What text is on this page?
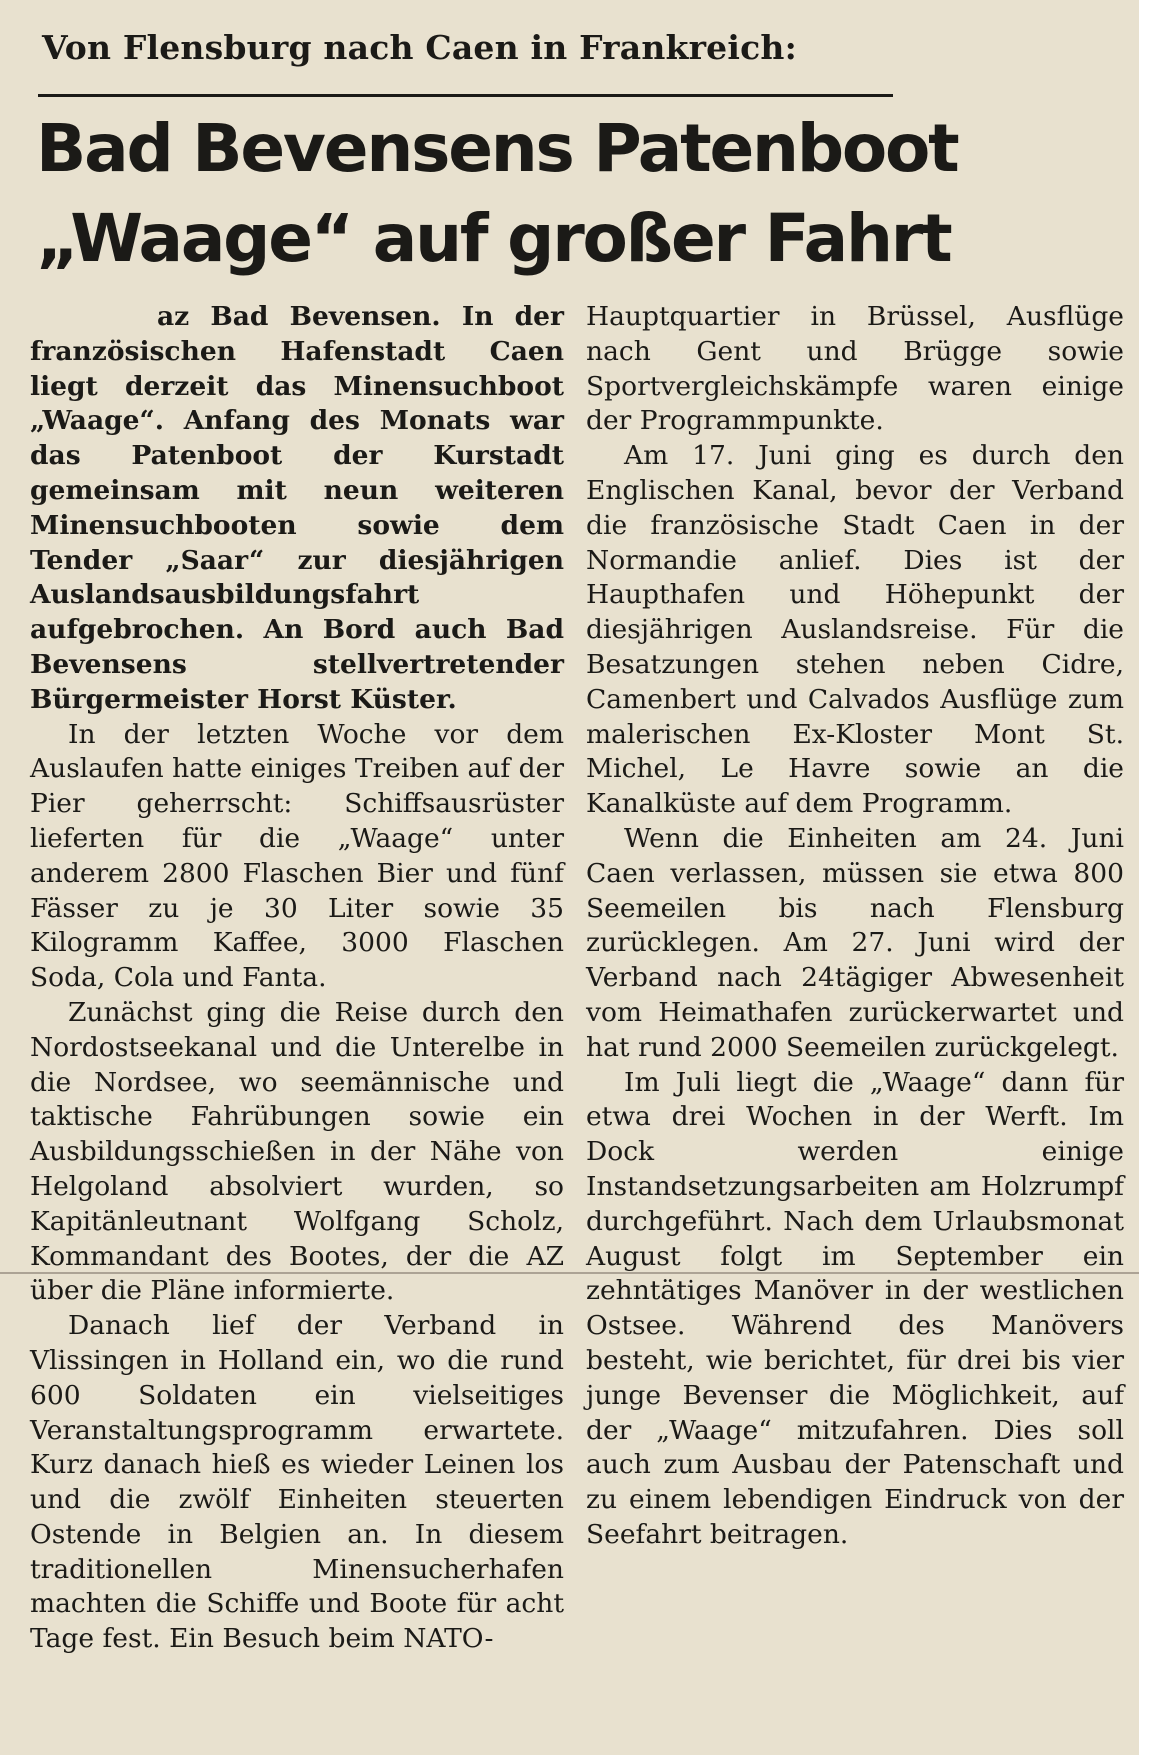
Von Flensburg nach Caen in Frankreich:
Bad Bevensens Patenboot
„Waage“ auf großer Fahrt

az Bad Bevensen. In der französischen Hafenstadt Caen liegt derzeit das Minensuchboot „Waage“. Anfang des Monats war das Patenboot der Kurstadt gemeinsam mit neun weiteren Minensuchbooten sowie dem Tender „Saar“ zur diesjährigen Auslandsausbildungsfahrt aufgebrochen. An Bord auch Bad Bevensens stellvertretender Bürgermeister Horst Küster.

In der letzten Woche vor dem Auslaufen hatte einiges Treiben auf der Pier geherrscht: Schiffsausrüster lieferten für die „Waage“ unter anderem 2800 Flaschen Bier und fünf Fässer zu je 30 Liter sowie 35 Kilogramm Kaffee, 3000 Flaschen Soda, Cola und Fanta.

Zunächst ging die Reise durch den Nordostseekanal und die Unterelbe in die Nordsee, wo seemännische und taktische Fahrübungen sowie ein Ausbildungsschießen in der Nähe von Helgoland absolviert wurden, so Kapitänleutnant Wolfgang Scholz, Kommandant des Bootes, der die AZ über die Pläne informierte.

Danach lief der Verband in Vlissingen in Holland ein, wo die rund 600 Soldaten ein vielseitiges Veranstaltungsprogramm erwartete. Kurz danach hieß es wieder Leinen los und die zwölf Einheiten steuerten Ostende in Belgien an. In diesem traditionellen Minensucherhafen machten die Schiffe und Boote für acht Tage fest. Ein Besuch beim NATO-

Hauptquartier in Brüssel, Ausflüge nach Gent und Brügge sowie Sportvergleichskämpfe waren einige der Programmpunkte.

Am 17. Juni ging es durch den Englischen Kanal, bevor der Verband die französische Stadt Caen in der Normandie anlief. Dies ist der Haupthafen und Höhepunkt der diesjährigen Auslandsreise. Für die Besatzungen stehen neben Cidre, Camenbert und Calvados Ausflüge zum malerischen Ex-Kloster Mont St. Michel, Le Havre sowie an die Kanalküste auf dem Programm.

Wenn die Einheiten am 24. Juni Caen verlassen, müssen sie etwa 800 Seemeilen bis nach Flensburg zurücklegen. Am 27. Juni wird der Verband nach 24tägiger Abwesenheit vom Heimathafen zurückerwartet und hat rund 2000 Seemeilen zurückgelegt.

Im Juli liegt die „Waage“ dann für etwa drei Wochen in der Werft. Im Dock werden einige Instandsetzungsarbeiten am Holzrumpf durchgeführt. Nach dem Urlaubsmonat August folgt im September ein zehntätiges Manöver in der westlichen Ostsee. Während des Manövers besteht, wie berichtet, für drei bis vier junge Bevenser die Möglichkeit, auf der „Waage“ mitzufahren. Dies soll auch zum Ausbau der Patenschaft und zu einem lebendigen Eindruck von der Seefahrt beitragen.
